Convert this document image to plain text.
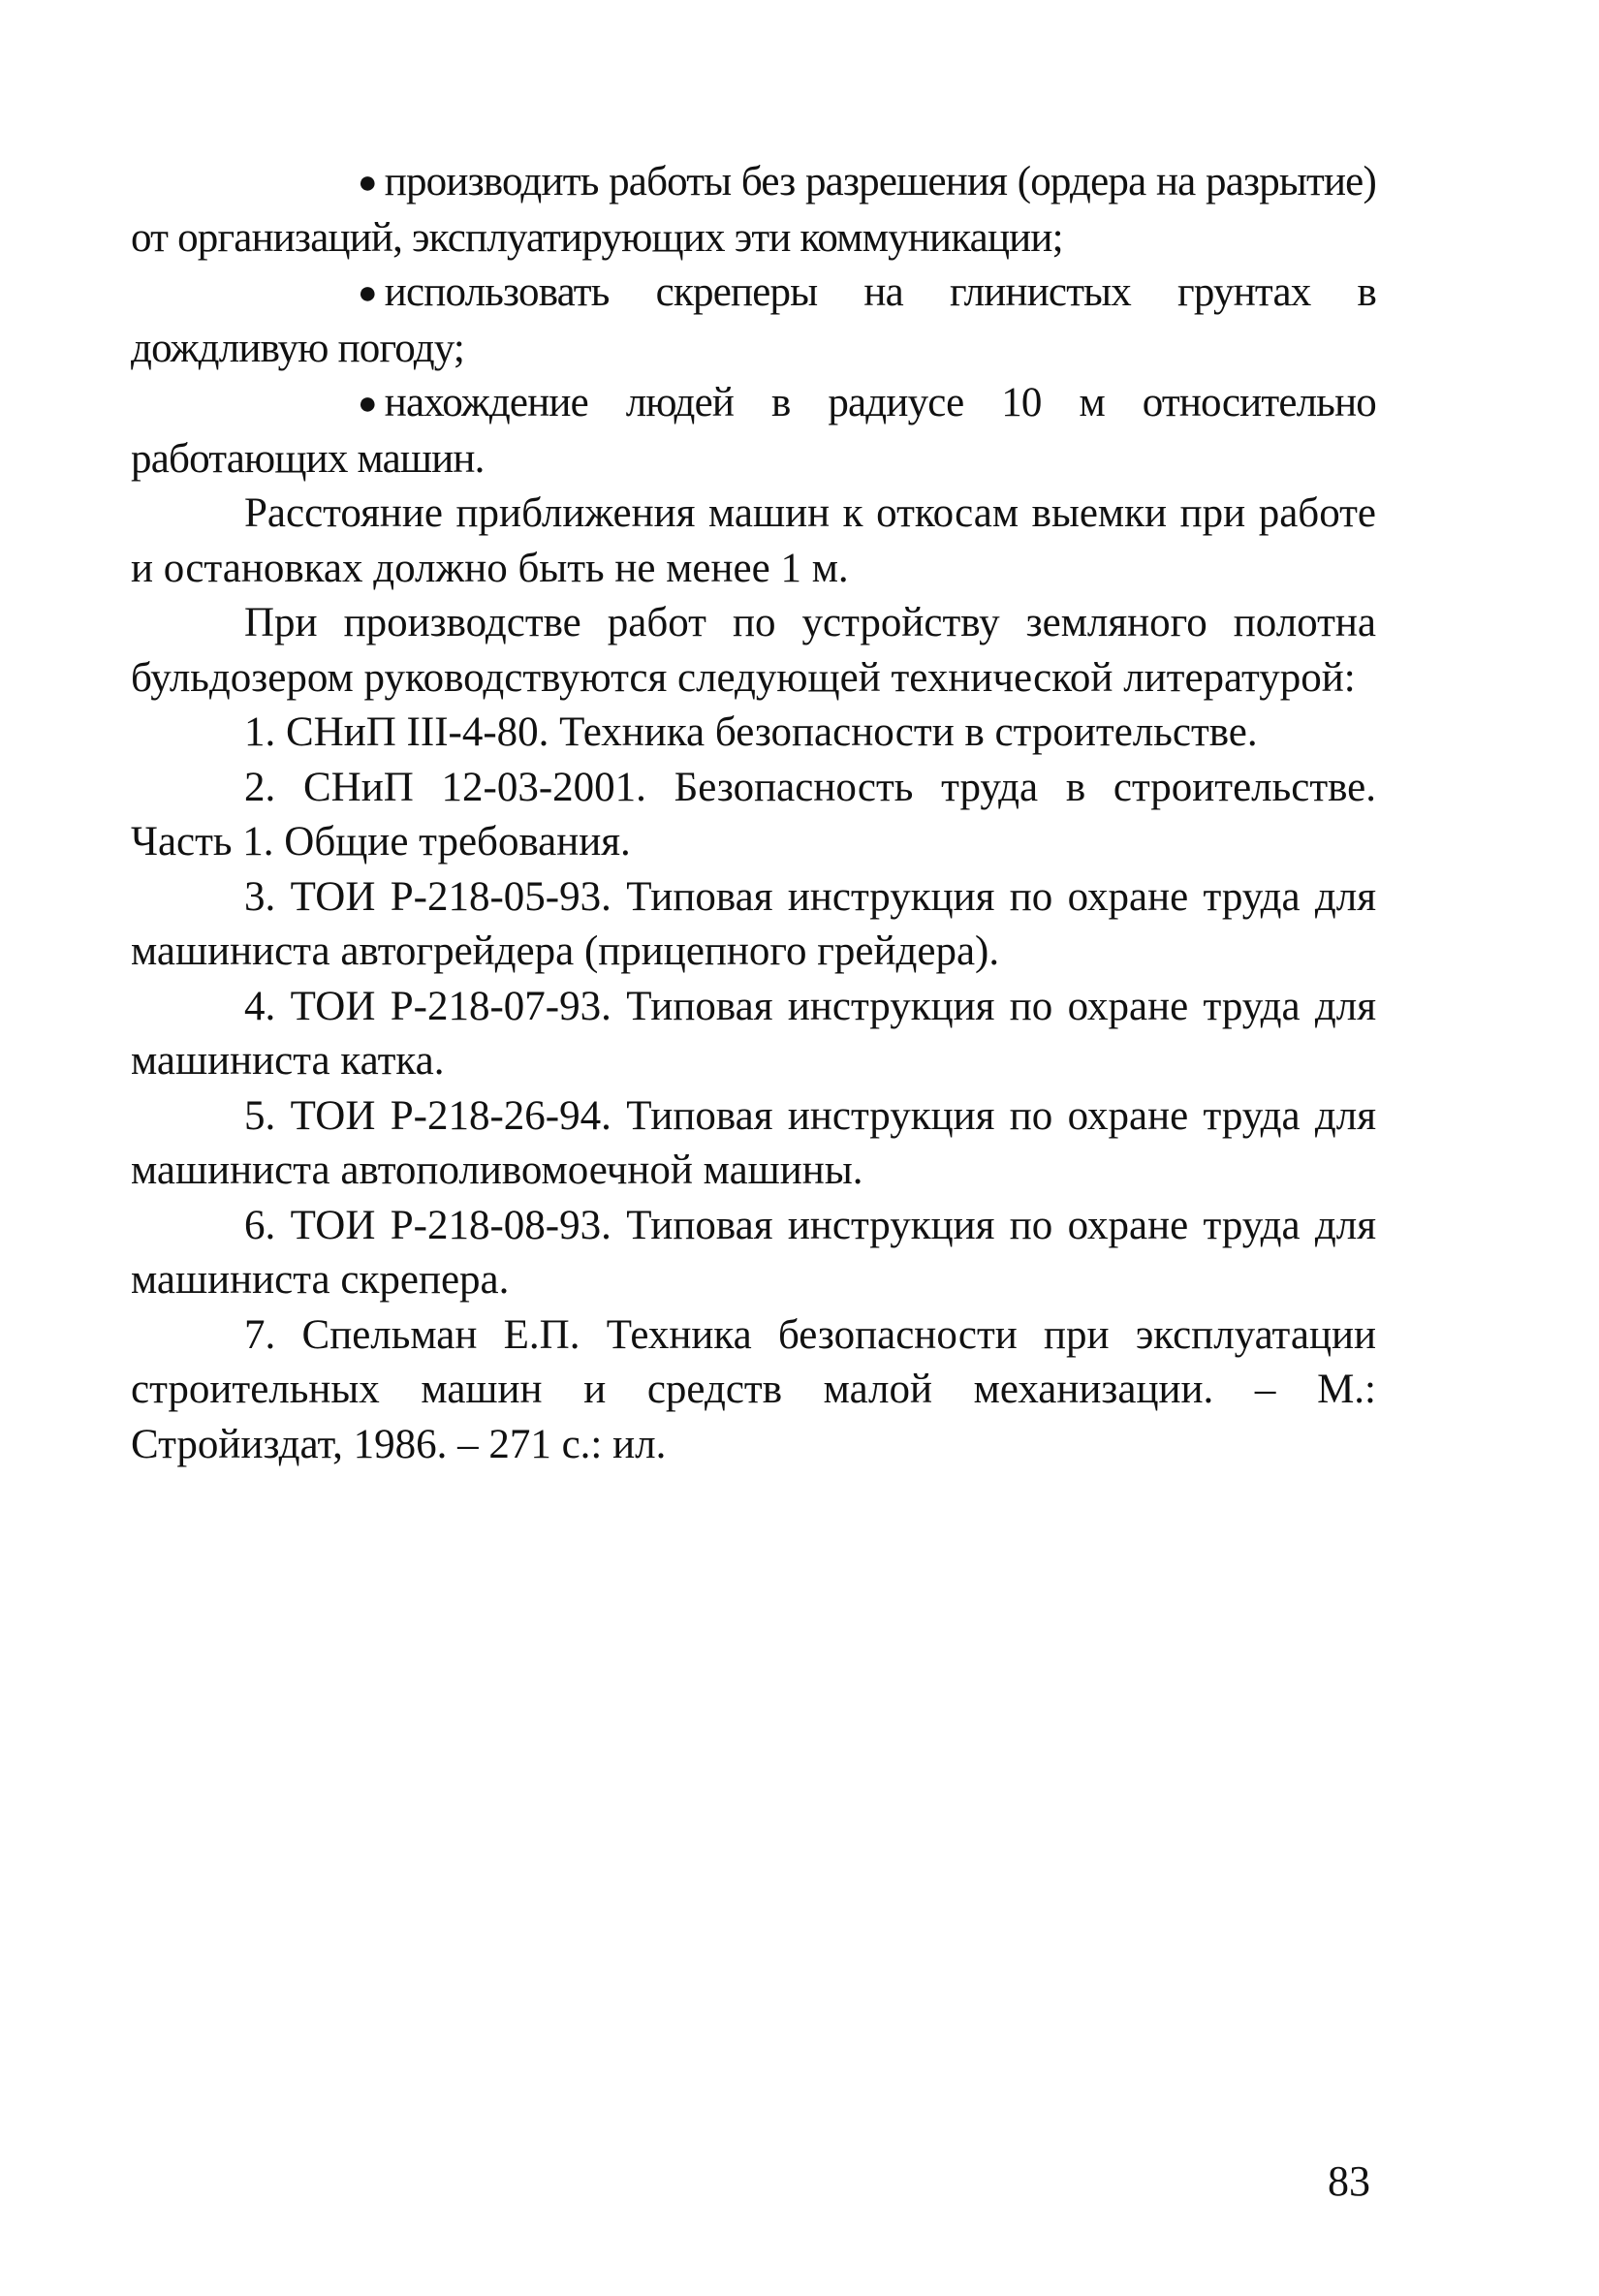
● производить работы без разрешения (ордера на разрытие) от организаций, эксплуатирующих эти коммуникации;

● использовать скреперы на глинистых грунтах в дождливую погоду;

● нахождение людей в радиусе 10 м относительно работающих машин.

Расстояние приближения машин к откосам выемки при работе и остановках должно быть не менее 1 м.

При производстве работ по устройству земляного полотна бульдозером руководствуются следующей технической литературой:

1. СНиП III-4-80. Техника безопасности в строительстве.

2. СНиП 12-03-2001. Безопасность труда в строительстве. Часть 1. Общие требования.

3. ТОИ Р-218-05-93. Типовая инструкция по охране труда для машиниста автогрейдера (прицепного грейдера).

4. ТОИ Р-218-07-93. Типовая инструкция по охране труда для машиниста катка.

5. ТОИ Р-218-26-94. Типовая инструкция по охране труда для машиниста автополивомоечной машины.

6. ТОИ Р-218-08-93. Типовая инструкция по охране труда для машиниста скрепера.

7. Спельман Е.П. Техника безопасности при эксплуатации строительных машин и средств малой механизации. – М.: Стройиздат, 1986. – 271 с.: ил.

83
